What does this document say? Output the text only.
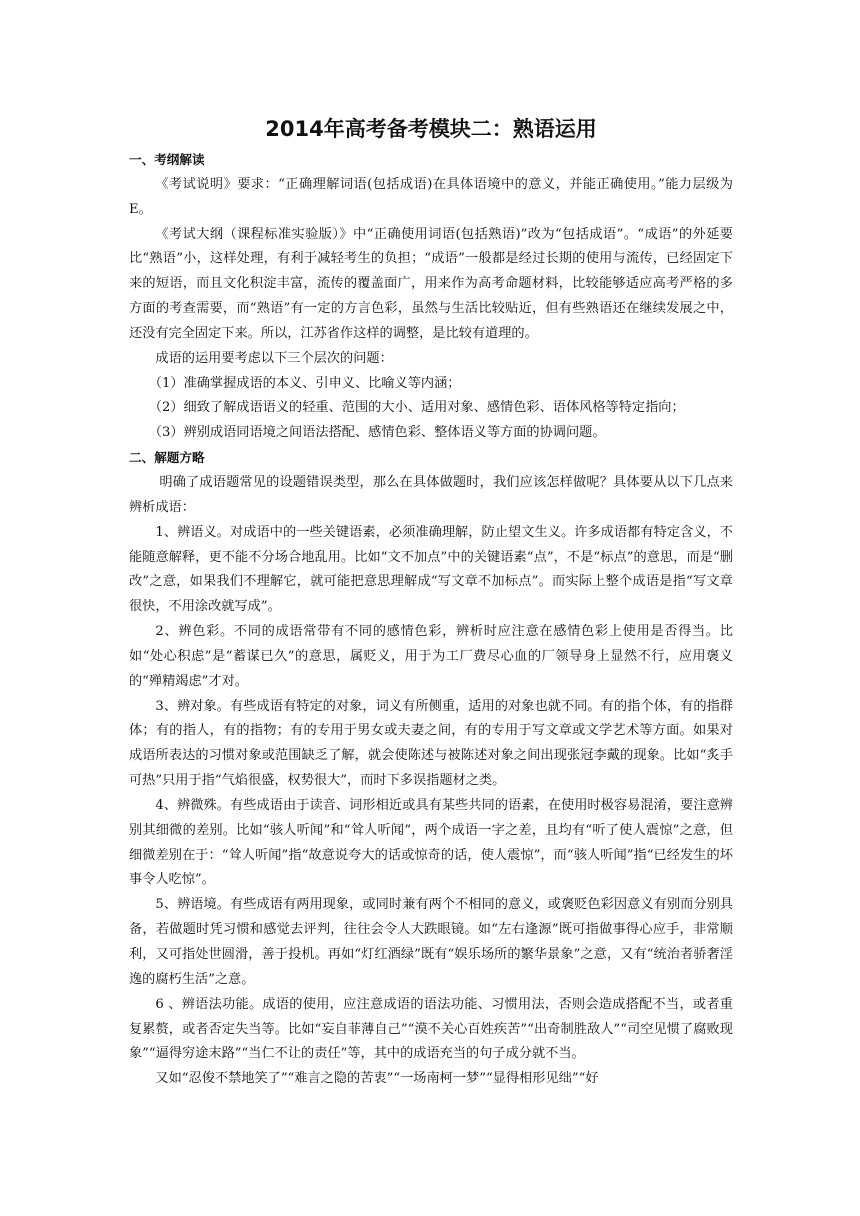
2014年高考备考模块二：熟语运用
一、考纲解读

《考试说明》要求：“正确理解词语(包括成语)在具体语境中的意义，并能正确使用。”能力层级为E。

《考试大纲（课程标准实验版）》中“正确使用词语(包括熟语)”改为“包括成语”。“成语”的外延要比“熟语”小，这样处理，有利于减轻考生的负担；“成语”一般都是经过长期的使用与流传，已经固定下来的短语，而且文化积淀丰富，流传的覆盖面广，用来作为高考命题材料，比较能够适应高考严格的多方面的考查需要，而“熟语”有一定的方言色彩，虽然与生活比较贴近，但有些熟语还在继续发展之中，还没有完全固定下来。所以，江苏省作这样的调整，是比较有道理的。

成语的运用要考虑以下三个层次的问题：

（1）准确掌握成语的本义、引申义、比喻义等内涵；

（2）细致了解成语语义的轻重、范围的大小、适用对象、感情色彩、语体风格等特定指向；

（3）辨别成语同语境之间语法搭配、感情色彩、整体语义等方面的协调问题。

二、解题方略

明确了成语题常见的设题错误类型，那么在具体做题时，我们应该怎样做呢？具体要从以下几点来辨析成语：

1、辨语义。对成语中的一些关键语素，必须准确理解，防止望文生义。许多成语都有特定含义，不能随意解释，更不能不分场合地乱用。比如“文不加点”中的关键语素“点”，不是“标点”的意思，而是“删改”之意，如果我们不理解它，就可能把意思理解成“写文章不加标点”。而实际上整个成语是指“写文章很快，不用涂改就写成”。

2、辨色彩。不同的成语常带有不同的感情色彩，辨析时应注意在感情色彩上使用是否得当。比如“处心积虑”是“蓄谋已久”的意思，属贬义，用于为工厂费尽心血的厂领导身上显然不行，应用褒义的“殚精竭虑”才对。

3、辨对象。有些成语有特定的对象，词义有所侧重，适用的对象也就不同。有的指个体，有的指群体；有的指人，有的指物；有的专用于男女或夫妻之间，有的专用于写文章或文学艺术等方面。如果对成语所表达的习惯对象或范围缺乏了解，就会使陈述与被陈述对象之间出现张冠李戴的现象。比如“炙手可热”只用于指“气焰很盛，权势很大”，而时下多误指题材之类。

4、辨微殊。有些成语由于读音、词形相近或具有某些共同的语素，在使用时极容易混淆，要注意辨别其细微的差别。比如“骇人听闻”和“耸人听闻”，两个成语一字之差，且均有“听了使人震惊”之意，但细微差别在于：“耸人听闻”指“故意说夸大的话或惊奇的话，使人震惊”，而“骇人听闻”指“已经发生的坏事令人吃惊”。

5、辨语境。有些成语有两用现象，或同时兼有两个不相同的意义，或褒贬色彩因意义有别而分别具备，若做题时凭习惯和感觉去评判，往往会令人大跌眼镜。如“左右逢源”既可指做事得心应手，非常顺利，又可指处世圆滑，善于投机。再如“灯红酒绿”既有“娱乐场所的繁华景象”之意，又有“统治者骄奢淫逸的腐朽生活”之意。

6 、辨语法功能。成语的使用，应注意成语的语法功能、习惯用法，否则会造成搭配不当，或者重复累赘，或者否定失当等。比如“妄自菲薄自己”“漠不关心百姓疾苦”“出奇制胜敌人”“司空见惯了腐败现象”“逼得穷途末路”“当仁不让的责任”等，其中的成语充当的句子成分就不当。

又如“忍俊不禁地笑了”“难言之隐的苦衷”“一场南柯一梦”“显得相形见绌”“好
